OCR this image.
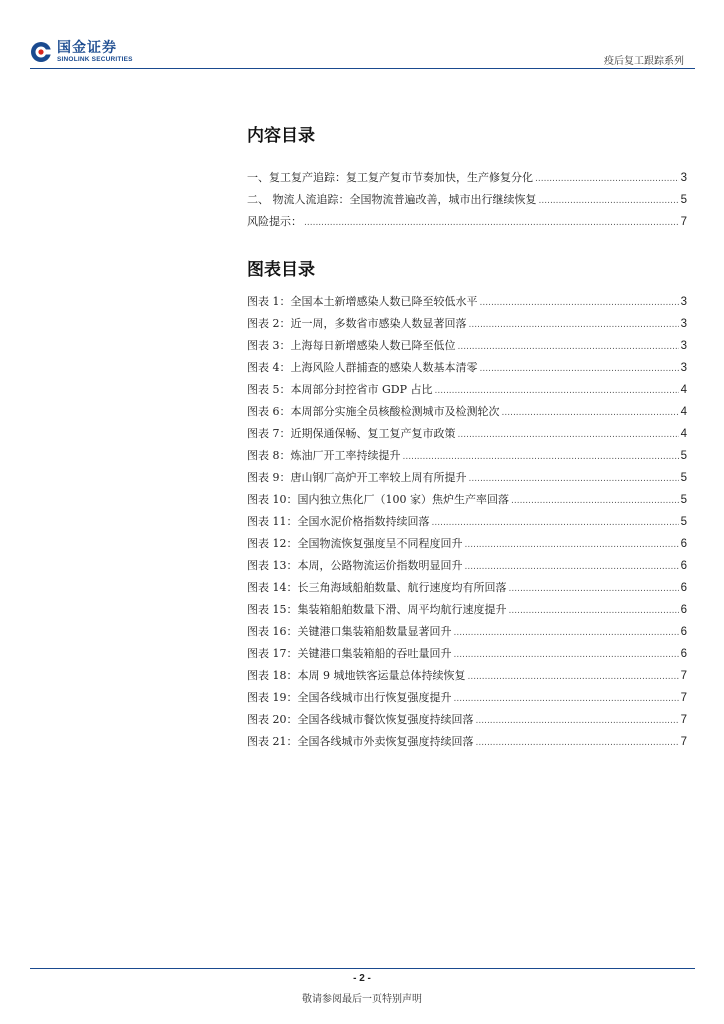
国金证券
SINOLINK SECURITIES	疫后复工跟踪系列
内容目录
一、复工复产追踪：复工复产复市节奏加快，生产修复分化 .....	3
二、 物流人流追踪：全国物流普遍改善，城市出行继续恢复 .....	5
风险提示： .....	7
图表目录
图表 1：全国本土新增感染人数已降至较低水平 .....	3
图表 2：近一周，多数省市感染人数显著回落 .....	3
图表 3：上海每日新增感染人数已降至低位 .....	3
图表 4：上海风险人群捕查的感染人数基本清零 .....	3
图表 5：本周部分封控省市 GDP 占比 .....	4
图表 6：本周部分实施全员核酸检测城市及检测轮次 .....	4
图表 7：近期保通保畅、复工复产复市政策 .....	4
图表 8：炼油厂开工率持续提升 .....	5
图表 9：唐山钢厂高炉开工率较上周有所提升 .....	5
图表 10：国内独立焦化厂（100 家）焦炉生产率回落 .....	5
图表 11：全国水泥价格指数持续回落 .....	5
图表 12：全国物流恢复强度呈不同程度回升 .....	6
图表 13：本周，公路物流运价指数明显回升 .....	6
图表 14：长三角海域船舶数量、航行速度均有所回落 .....	6
图表 15：集装箱船舶数量下滑、周平均航行速度提升 .....	6
图表 16：关键港口集装箱船数量显著回升 .....	6
图表 17：关键港口集装箱船的吞吐量回升 .....	6
图表 18：本周 9 城地铁客运量总体持续恢复 .....	7
图表 19：全国各线城市出行恢复强度提升 .....	7
图表 20：全国各线城市餐饮恢复强度持续回落 .....	7
图表 21：全国各线城市外卖恢复强度持续回落 .....	7
- 2 -
敬请参阅最后一页特别声明
